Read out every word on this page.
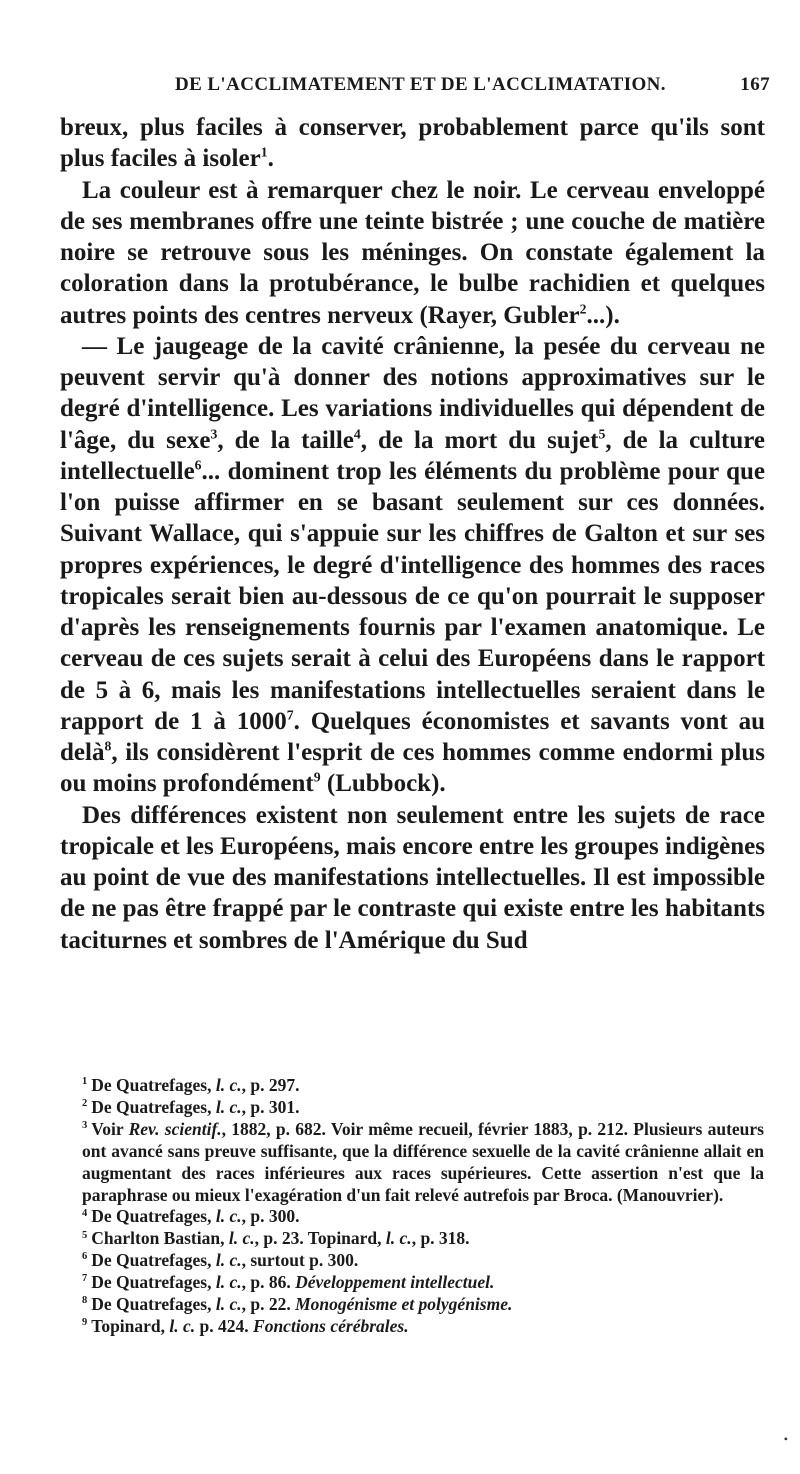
DE L'ACCLIMATEMENT ET DE L'ACCLIMATATION.	167

breux, plus faciles à conserver, probablement parce qu'ils sont plus faciles à isoler$^1$.

La couleur est à remarquer chez le noir. Le cerveau enveloppé de ses membranes offre une teinte bistrée ; une couche de matière noire se retrouve sous les méninges. On constate également la coloration dans la protubérance, le bulbe rachidien et quelques autres points des centres nerveux (Rayer, Gubler$^2$...).

— Le jaugeage de la cavité crânienne, la pesée du cerveau ne peuvent servir qu'à donner des notions approximatives sur le degré d'intelligence. Les variations individuelles qui dépendent de l'âge, du sexe$^3$, de la taille$^4$, de la mort du sujet$^5$, de la culture intellectuelle$^6$... dominent trop les éléments du problème pour que l'on puisse affirmer en se basant seulement sur ces données. Suivant Wallace, qui s'appuie sur les chiffres de Galton et sur ses propres expériences, le degré d'intelligence des hommes des races tropicales serait bien au-dessous de ce qu'on pourrait le supposer d'après les renseignements fournis par l'examen anatomique. Le cerveau de ces sujets serait à celui des Européens dans le rapport de 5 à 6, mais les manifestations intellectuelles seraient dans le rapport de 1 à 1000$^7$. Quelques économistes et savants vont au delà$^8$, ils considèrent l'esprit de ces hommes comme endormi plus ou moins profondément$^9$ (Lubbock).

Des différences existent non seulement entre les sujets de race tropicale et les Européens, mais encore entre les groupes indigènes au point de vue des manifestations intellectuelles. Il est impossible de ne pas être frappé par le contraste qui existe entre les habitants taciturnes et sombres de l'Amérique du Sud

$^1$ De Quatrefages, l. c., p. 297.

$^2$ De Quatrefages, l. c., p. 301.

$^3$ Voir Rev. scientif., 1882, p. 682. Voir même recueil, février 1883, p. 212. Plusieurs auteurs ont avancé sans preuve suffisante, que la différence sexuelle de la cavité crânienne allait en augmentant des races inférieures aux races supérieures. Cette assertion n'est que la paraphrase ou mieux l'exagération d'un fait relevé autrefois par Broca. (Manouvrier).

$^4$ De Quatrefages, l. c., p. 300.

$^5$ Charlton Bastian, l. c., p. 23. Topinard, l. c., p. 318.

$^6$ De Quatrefages, l. c., surtout p. 300.

$^7$ De Quatrefages, l. c., p. 86. Développement intellectuel.

$^8$ De Quatrefages, l. c., p. 22. Monogénisme et polygénisme.

$^9$ Topinard, l. c. p. 424. Fonctions cérébrales.

•
